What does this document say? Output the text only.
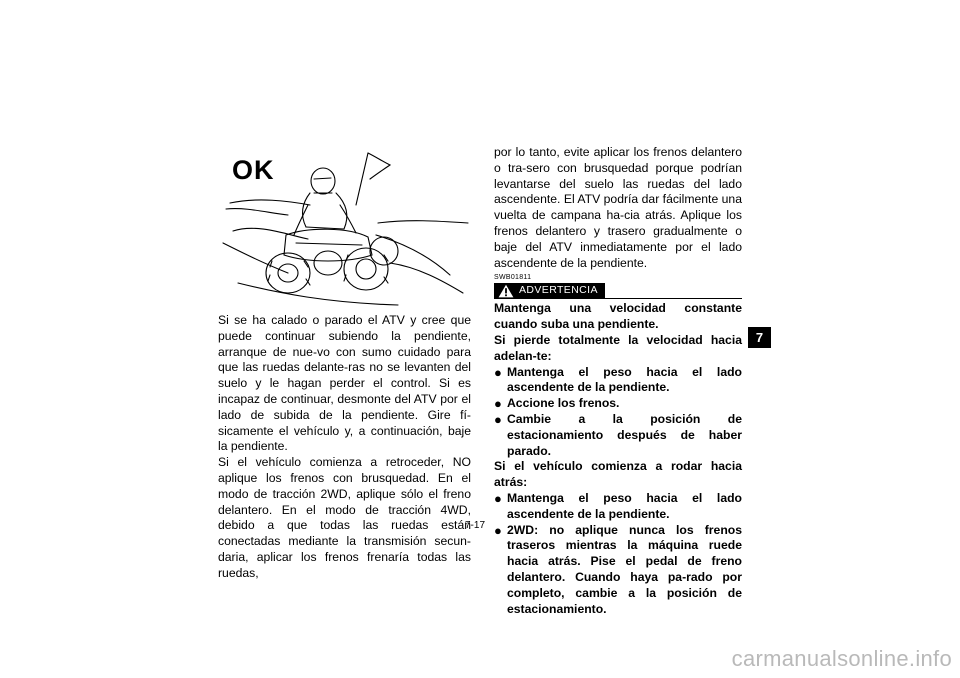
OK

Si se ha calado o parado el ATV y cree que puede continuar subiendo la pendiente, arranque de nue-vo con sumo cuidado para que las ruedas delante-ras no se levanten del suelo y le hagan perder el control. Si es incapaz de continuar, desmonte del ATV por el lado de subida de la pendiente. Gire fí-sicamente el vehículo y, a continuación, baje la pendiente.

Si el vehículo comienza a retroceder, NO aplique los frenos con brusquedad. En el modo de tracción 2WD, aplique sólo el freno delantero. En el modo de tracción 4WD, debido a que todas las ruedas están conectadas mediante la transmisión secun-daria, aplicar los frenos frenaría todas las ruedas,

por lo tanto, evite aplicar los frenos delantero o tra-sero con brusquedad porque podrían levantarse del suelo las ruedas del lado ascendente. El ATV podría dar fácilmente una vuelta de campana ha-cia atrás. Aplique los frenos delantero y trasero gradualmente o baje del ATV inmediatamente por el lado ascendente de la pendiente.

SWB01811
ADVERTENCIA

Mantenga una velocidad constante cuando suba una pendiente.

Si pierde totalmente la velocidad hacia adelan-te:

● Mantenga el peso hacia el lado ascendente de la pendiente.
● Accione los frenos.
● Cambie a la posición de estacionamiento después de haber parado.

Si el vehículo comienza a rodar hacia atrás:

● Mantenga el peso hacia el lado ascendente de la pendiente.
● 2WD: no aplique nunca los frenos traseros mientras la máquina ruede hacia atrás. Pise el pedal de freno delantero. Cuando haya pa-rado por completo, cambie a la posición de estacionamiento.
7-17
7
carmanualsonline.info
